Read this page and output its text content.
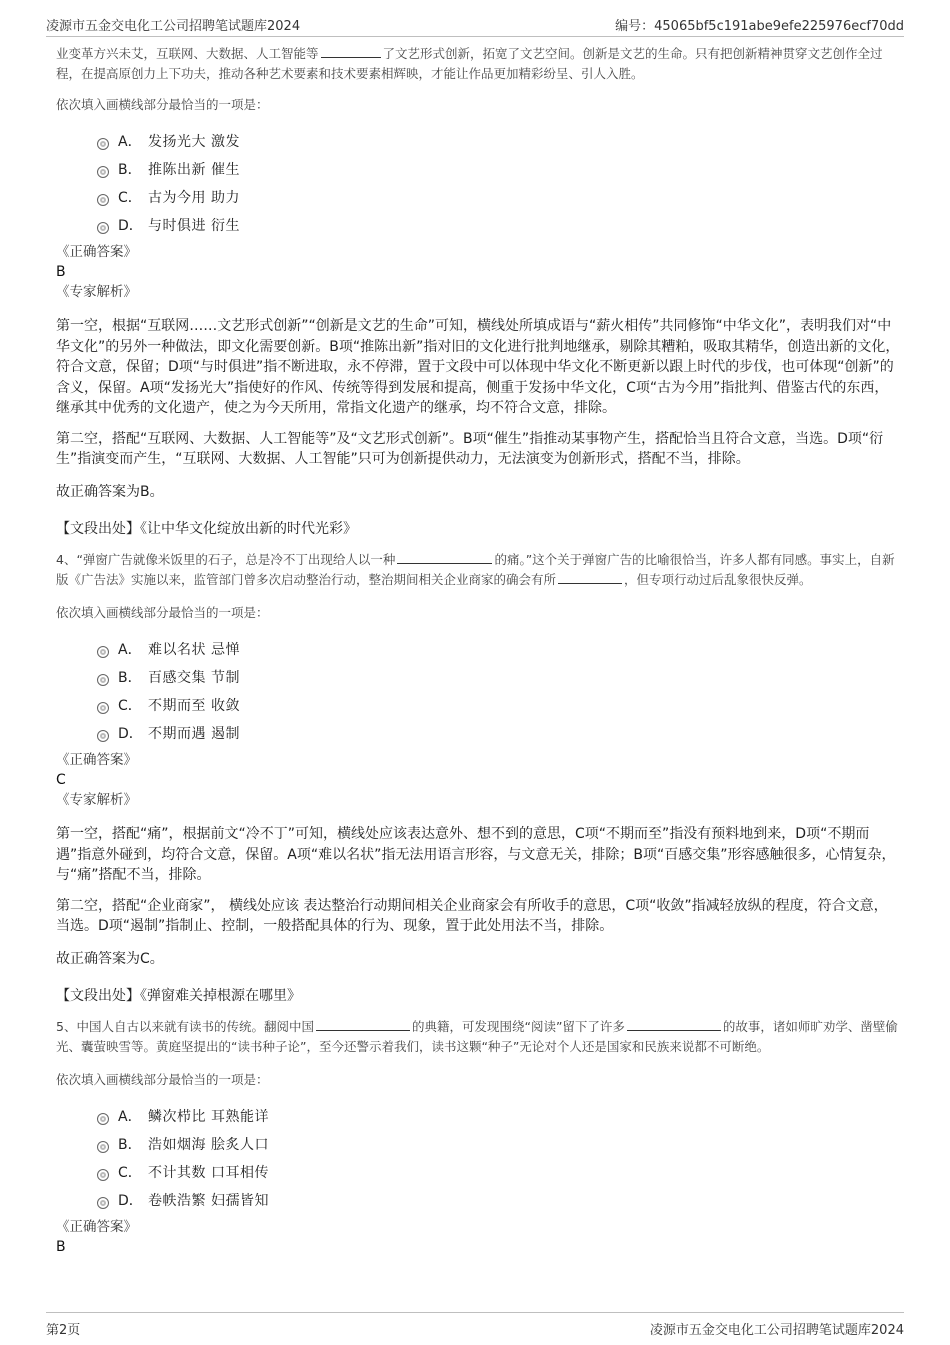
凌源市五金交电化工公司招聘笔试题库2024	编号：45065bf5c191abe9efe225976ecf70dd

业变革方兴未艾，互联网、大数据、人工智能等	了文艺形式创新，拓宽了文艺空间。创新是文艺的生命。只有把创新精神贯穿文艺创作全过程，在提高原创力上下功夫，推动各种艺术要素和技术要素相辉映，才能让作品更加精彩纷呈、引人入胜。

依次填入画横线部分最恰当的一项是：

A． 发扬光大 激发
B． 推陈出新 催生
C． 古为今用 助力
D． 与时俱进 衍生

《正确答案》

B

《专家解析》

第一空，根据“互联网……文艺形式创新”“创新是文艺的生命”可知，横线处所填成语与“薪火相传”共同修饰“中华文化”，表明我们对“中华文化”的另外一种做法，即文化需要创新。B项“推陈出新”指对旧的文化进行批判地继承，剔除其糟粕，吸取其精华，创造出新的文化，符合文意，保留；D项“与时俱进”指不断进取，永不停滞，置于文段中可以体现中华文化不断更新以跟上时代的步伐，也可体现“创新”的含义，保留。A项“发扬光大”指使好的作风、传统等得到发展和提高，侧重于发扬中华文化，C项“古为今用”指批判、借鉴古代的东西，继承其中优秀的文化遗产，使之为今天所用，常指文化遗产的继承，均不符合文意，排除。

第二空，搭配“互联网、大数据、人工智能等”及“文艺形式创新”。B项“催生”指推动某事物产生，搭配恰当且符合文意，当选。D项“衍生”指演变而产生，“互联网、大数据、人工智能”只可为创新提供动力，无法演变为创新形式，搭配不当，排除。

故正确答案为B。

【文段出处】《让中华文化绽放出新的时代光彩》

4、“弹窗广告就像米饭里的石子，总是冷不丁出现给人以一种	的痛。”这个关于弹窗广告的比喻很恰当，许多人都有同感。事实上，自新版《广告法》实施以来，监管部门曾多次启动整治行动，整治期间相关企业商家的确会有所	，但专项行动过后乱象很快反弹。

依次填入画横线部分最恰当的一项是：

A． 难以名状 忌惮
B． 百感交集 节制
C． 不期而至 收敛
D． 不期而遇 遏制

《正确答案》

C

《专家解析》

第一空，搭配“痛”，根据前文“冷不丁”可知，横线处应该表达意外、想不到的意思，C项“不期而至”指没有预料地到来，D项“不期而遇”指意外碰到，均符合文意，保留。A项“难以名状”指无法用语言形容，与文意无关，排除；B项“百感交集”形容感触很多，心情复杂，与“痛”搭配不当，排除。

第二空，搭配“企业商家”， 横线处应该 表达整治行动期间相关企业商家会有所收手的意思，C项“收敛”指减轻放纵的程度，符合文意，当选。D项“遏制”指制止、控制，一般搭配具体的行为、现象，置于此处用法不当，排除。

故正确答案为C。

【文段出处】《弹窗难关掉根源在哪里》

5、中国人自古以来就有读书的传统。翻阅中国	的典籍，可发现围绕“阅读”留下了许多	的故事，诸如师旷劝学、凿壁偷光、囊萤映雪等。黄庭坚提出的“读书种子论”，至今还警示着我们，读书这颗“种子”无论对个人还是国家和民族来说都不可断绝。

依次填入画横线部分最恰当的一项是：

A． 鳞次栉比 耳熟能详
B． 浩如烟海 脍炙人口
C． 不计其数 口耳相传
D． 卷帙浩繁 妇孺皆知

《正确答案》

B

第2页	凌源市五金交电化工公司招聘笔试题库2024
